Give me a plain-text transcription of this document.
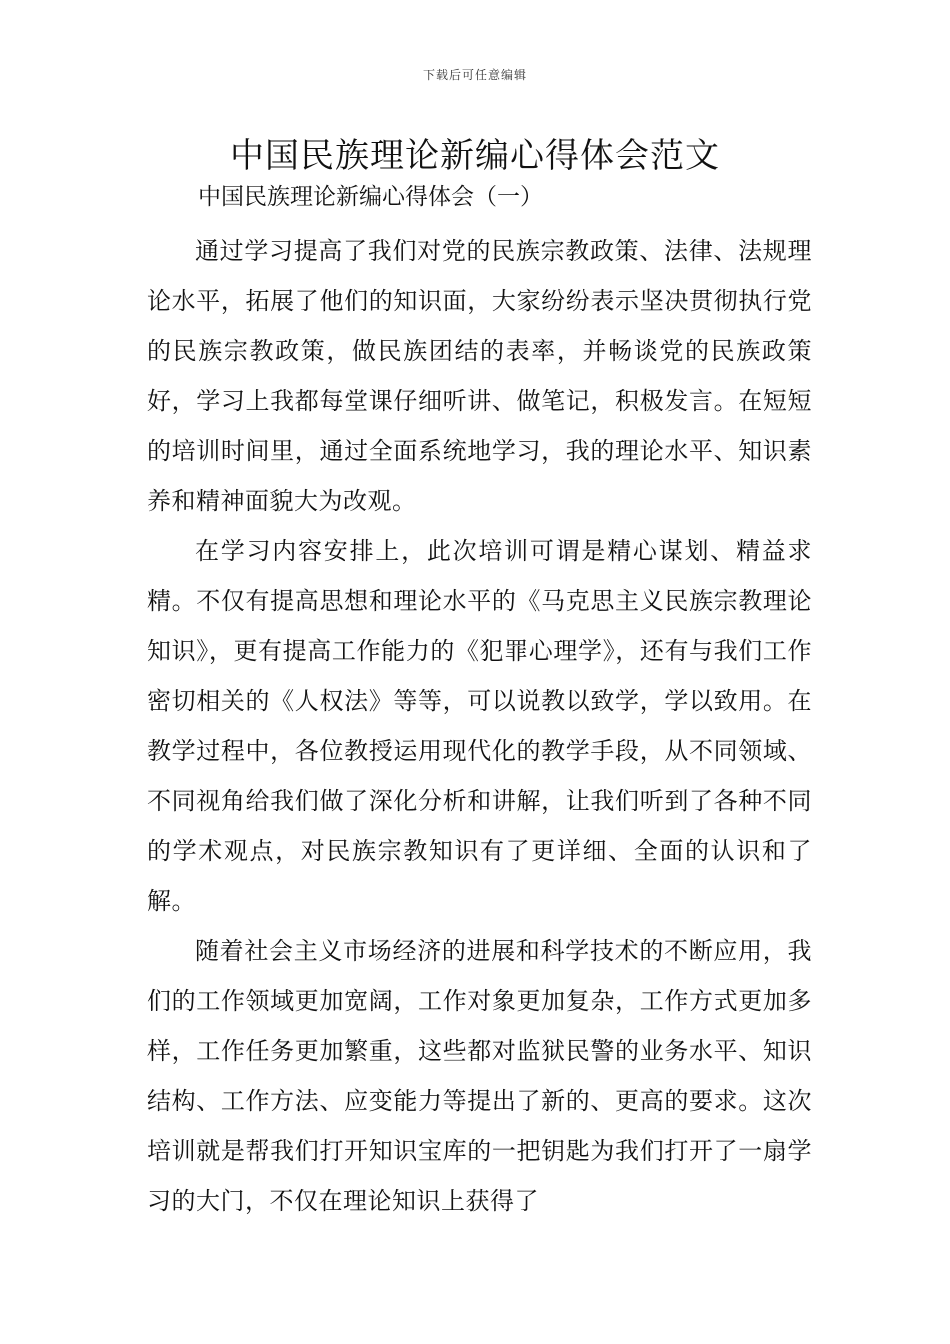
下载后可任意编辑
中国民族理论新编心得体会范文
中国民族理论新编心得体会（一）

通过学习提高了我们对党的民族宗教政策、法律、法规理论水平，拓展了他们的知识面，大家纷纷表示坚决贯彻执行党的民族宗教政策，做民族团结的表率，并畅谈党的民族政策好，学习上我都每堂课仔细听讲、做笔记，积极发言。在短短的培训时间里，通过全面系统地学习，我的理论水平、知识素养和精神面貌大为改观。

在学习内容安排上，此次培训可谓是精心谋划、精益求精。不仅有提高思想和理论水平的《马克思主义民族宗教理论知识》，更有提高工作能力的《犯罪心理学》，还有与我们工作密切相关的《人权法》等等，可以说教以致学，学以致用。在教学过程中，各位教授运用现代化的教学手段，从不同领域、不同视角给我们做了深化分析和讲解，让我们听到了各种不同的学术观点，对民族宗教知识有了更详细、全面的认识和了解。

随着社会主义市场经济的进展和科学技术的不断应用，我们的工作领域更加宽阔，工作对象更加复杂，工作方式更加多样，工作任务更加繁重，这些都对监狱民警的业务水平、知识结构、工作方法、应变能力等提出了新的、更高的要求。这次培训就是帮我们打开知识宝库的一把钥匙为我们打开了一扇学习的大门，不仅在理论知识上获得了
